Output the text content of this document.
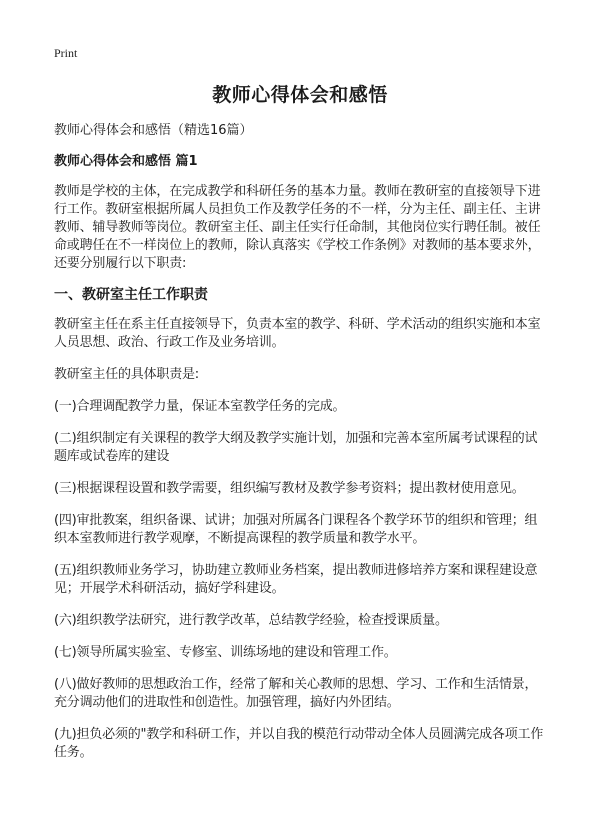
Print
教师心得体会和感悟

教师心得体会和感悟（精选16篇）

教师心得体会和感悟 篇1

教师是学校的主体，在完成教学和科研任务的基本力量。教师在教研室的直接领导下进行工作。教研室根据所属人员担负工作及教学任务的不一样，分为主任、副主任、主讲教师、辅导教师等岗位。教研室主任、副主任实行任命制，其他岗位实行聘任制。被任命或聘任在不一样岗位上的教师，除认真落实《学校工作条例》对教师的基本要求外，还要分别履行以下职责:

一、教研室主任工作职责

教研室主任在系主任直接领导下，负责本室的教学、科研、学术活动的组织实施和本室人员思想、政治、行政工作及业务培训。

教研室主任的具体职责是:

(一)合理调配教学力量，保证本室教学任务的完成。

(二)组织制定有关课程的教学大纲及教学实施计划，加强和完善本室所属考试课程的试题库或试卷库的建设

(三)根据课程设置和教学需要，组织编写教材及教学参考资料；提出教材使用意见。

(四)审批教案，组织备课、试讲；加强对所属各门课程各个教学环节的组织和管理；组织本室教师进行教学观摩，不断提高课程的教学质量和教学水平。

(五)组织教师业务学习，协助建立教师业务档案，提出教师进修培养方案和课程建设意见；开展学术科研活动，搞好学科建设。

(六)组织教学法研究，进行教学改革，总结教学经验，检查授课质量。

(七)领导所属实验室、专修室、训练场地的建设和管理工作。

(八)做好教师的思想政治工作，经常了解和关心教师的思想、学习、工作和生活情景，充分调动他们的进取性和创造性。加强管理，搞好内外团结。

(九)担负必须的"教学和科研工作，并以自我的模范行动带动全体人员圆满完成各项工作任务。
